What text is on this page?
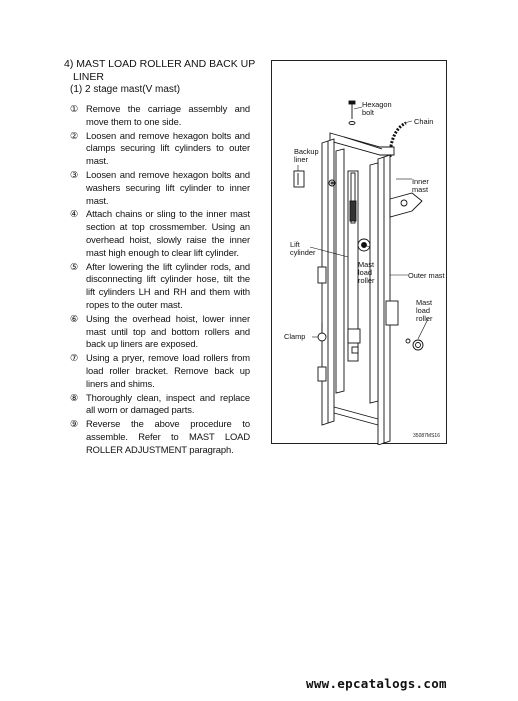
4) MAST LOAD ROLLER AND BACK UP
LINER
(1) 2 stage mast(V mast)
① Remove the carriage assembly and move them to one side.
② Loosen and remove hexagon bolts and clamps securing lift cylinders to outer mast.
③ Loosen and remove hexagon bolts and washers securing lift cylinder to inner mast.
④ Attach chains or sling to the inner mast section at top crossmember. Using an overhead hoist, slowly raise the inner mast high enough to clear lift cylinder.
⑤ After lowering the lift cylinder rods, and disconnecting lift cylinder hose, tilt the lift cylinders LH and RH and them with ropes to the outer mast.
⑥ Using the overhead hoist, lower inner mast until top and bottom rollers and back up liners are exposed.
⑦ Using a pryer, remove load rollers from load roller bracket. Remove back up liners and shims.
⑧ Thoroughly clean, inspect and replace all worn or damaged parts.
⑨ Reverse the above procedure to assemble. Refer to MAST LOAD ROLLER ADJUSTMENT paragraph.
Hexagon
bolt
Chain
Backup
liner
Inner mast
Lift
cylinder
Mast
load
roller
Outer mast
Mast
load
roller
Clamp
35087MS16
www.epcatalogs.com
